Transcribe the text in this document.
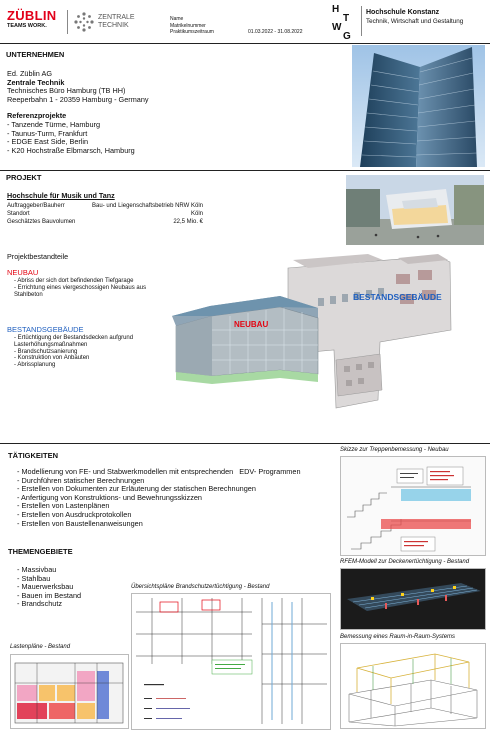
ZÜBLIN
TEAMS WORK.
ZENTRALE
TECHNIK
Name
Matrikelnummer
Praktikumszeitraum	01.03.2022 - 31.08.2022
H
T
W
G
Hochschule Konstanz
Technik, Wirtschaft und Gestaltung
UNTERNEHMEN
Ed. Züblin AG
Zentrale Technik
Technisches Büro Hamburg (TB HH)
Reeperbahn 1 - 20359 Hamburg - Germany
Referenzprojekte
- Tanzende Türme, Hamburg
- Taunus-Turm, Frankfurt
- EDGE East Side, Berlin
- K20 Hochstraße Elbmarsch, Hamburg
PROJEKT
Hochschule für Musik und Tanz
Auftraggeber/Bauherr	Bau- und Liegenschaftsbetrieb NRW Köln
Standort	Köln
Geschätztes Bauvolumen	22,5 Mio. €
Projektbestandteile
NEUBAU
- Abriss der sich dort befindenden Tiefgarage
- Errichtung eines viergeschossigen Neubaus aus Stahlbeton
BESTANDSGEBÄUDE
- Ertüchtigung der Bestandsdecken aufgrund Lasterhöhungsmaßnahmen
- Brandschutzsanierung
- Konstruktion von Anbauten
- Abrissplanung
NEUBAU
BESTANDSGEBÄUDE
TÄTIGKEITEN
- Modellierung von FE- und Stabwerkmodellen mit entsprechenden   EDV- Programmen
- Durchführen statischer Berechnungen
- Erstellen von Dokumenten zur Erläuterung der statischen Berechnungen
- Anfertigung von Konstruktions- und Bewehrungsskizzen
- Erstellen von Lastenplänen
- Erstellen von Ausdruckprotokollen
- Erstellen von Baustellenanweisungen
THEMENGEBIETE
- Massivbau
- Stahlbau
- Mauerwerksbau
- Bauen im Bestand
- Brandschutz
Skizze zur Treppenbemessung - Neubau
RFEM-Modell zur Deckenertüchtigung - Bestand
Übersichtspläne Brandschutzertüchtigung - Bestand
Lastenpläne - Bestand
Bemessung eines Raum-in-Raum-Systems
